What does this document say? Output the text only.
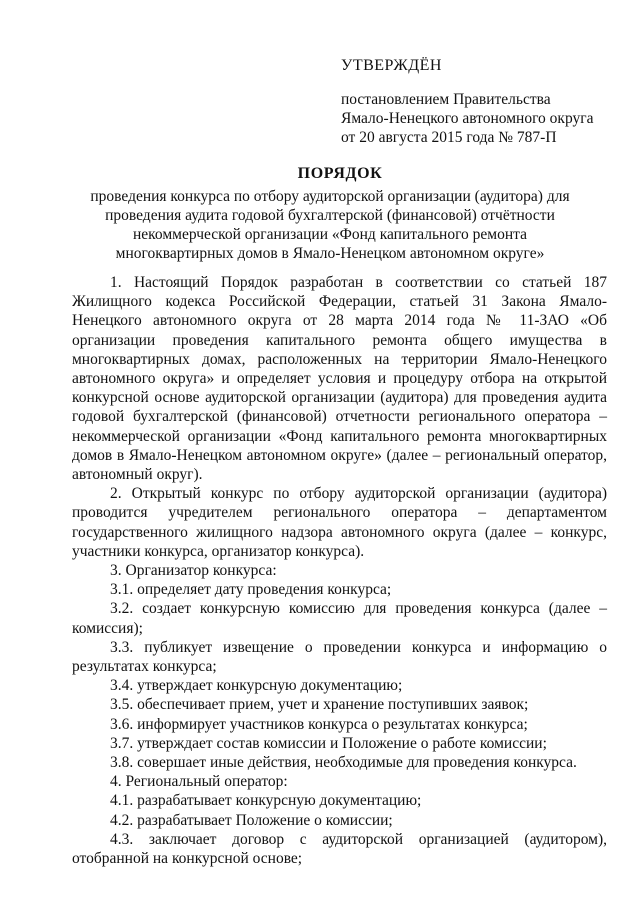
УТВЕРЖДЁН
постановлением Правительства
Ямало-Ненецкого автономного округа
от 20 августа 2015 года № 787-П
ПОРЯДОК
проведения конкурса по отбору аудиторской организации (аудитора) для проведения аудита годовой бухгалтерской (финансовой) отчётности некоммерческой организации «Фонд капитального ремонта многоквартирных домов в Ямало-Ненецком автономном округе»

1. Настоящий Порядок разработан в соответствии со статьей 187 Жилищного кодекса Российской Федерации, статьей 31 Закона Ямало-Ненецкого автономного округа от 28 марта 2014 года № 11-ЗАО «Об организации проведения капитального ремонта общего имущества в многоквартирных домах, расположенных на территории Ямало-Ненецкого автономного округа» и определяет условия и процедуру отбора на открытой конкурсной основе аудиторской организации (аудитора) для проведения аудита годовой бухгалтерской (финансовой) отчетности регионального оператора – некоммерческой организации «Фонд капитального ремонта многоквартирных домов в Ямало-Ненецком автономном округе» (далее – региональный оператор, автономный округ).

2. Открытый конкурс по отбору аудиторской организации (аудитора) проводится учредителем регионального оператора – департаментом государственного жилищного надзора автономного округа (далее – конкурс, участники конкурса, организатор конкурса).

3. Организатор конкурса:

3.1. определяет дату проведения конкурса;

3.2. создает конкурсную комиссию для проведения конкурса (далее – комиссия);

3.3. публикует извещение о проведении конкурса и информацию о результатах конкурса;

3.4. утверждает конкурсную документацию;

3.5. обеспечивает прием, учет и хранение поступивших заявок;

3.6. информирует участников конкурса о результатах конкурса;

3.7. утверждает состав комиссии и Положение о работе комиссии;

3.8. совершает иные действия, необходимые для проведения конкурса.

4. Региональный оператор:

4.1. разрабатывает конкурсную документацию;

4.2. разрабатывает Положение о комиссии;

4.3. заключает договор с аудиторской организацией (аудитором), отобранной на конкурсной основе;
